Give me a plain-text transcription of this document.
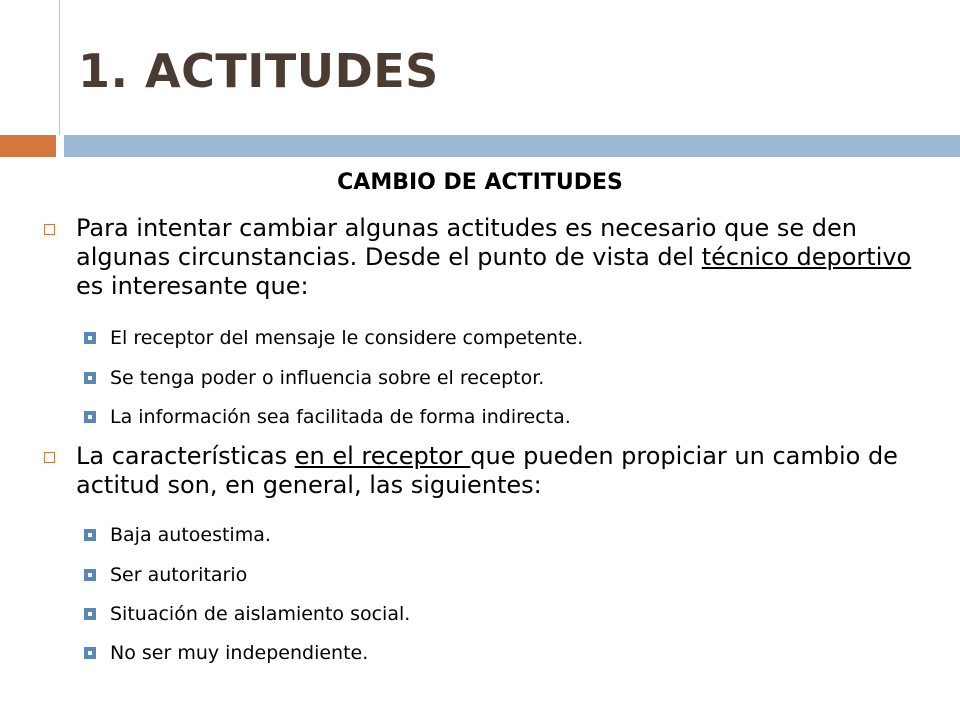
1. ACTITUDES
CAMBIO DE ACTITUDES
Para intentar cambiar algunas actitudes es necesario que se den algunas circunstancias. Desde el punto de vista del técnico deportivo es interesante que:
El receptor del mensaje le considere competente.
Se tenga poder o influencia sobre el receptor.
La información sea facilitada de forma indirecta.
La características en el receptor que pueden propiciar un cambio de actitud son, en general, las siguientes:
Baja autoestima.
Ser autoritario
Situación de aislamiento social.
No ser muy independiente.
